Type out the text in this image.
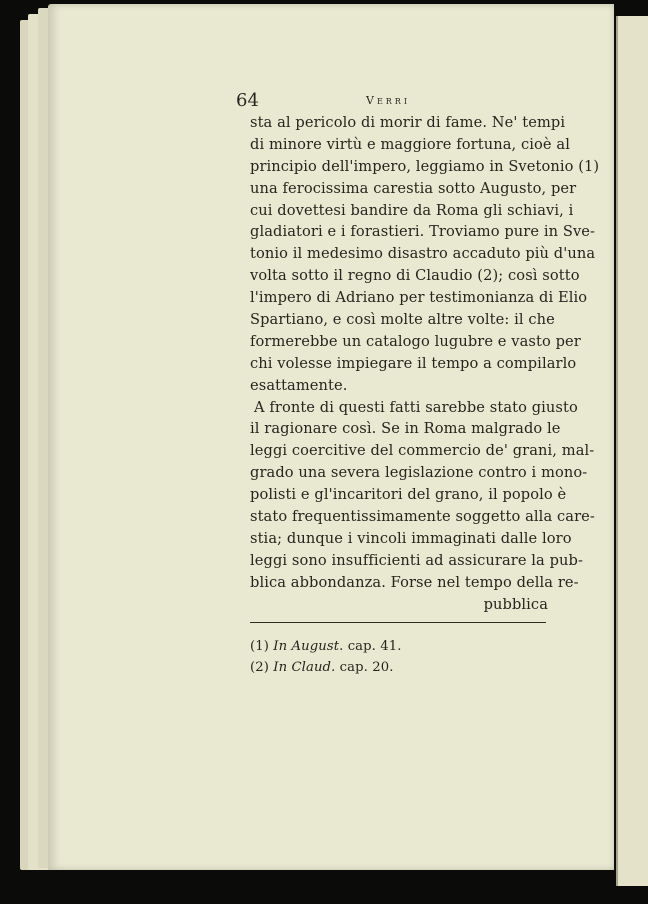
64	Verri
sta al pericolo di morir di fame. Ne' tempi
di minore virtù e maggiore fortuna, cioè al
principio dell'impero, leggiamo in Svetonio (1)
una ferocissima carestia sotto Augusto, per
cui dovettesi bandire da Roma gli schiavi, i
gladiatori e i forastieri. Troviamo pure in Sve-
tonio il medesimo disastro accaduto più d'una
volta sotto il regno di Claudio (2); così sotto
l'impero di Adriano per testimonianza di Elio
Spartiano, e così molte altre volte: il che
formerebbe un catalogo lugubre e vasto per
chi volesse impiegare il tempo a compilarlo
esattamente.
A fronte di questi fatti sarebbe stato giusto
il ragionare così. Se in Roma malgrado le
leggi coercitive del commercio de' grani, mal-
grado una severa legislazione contro i mono-
polisti e gl'incaritori del grano, il popolo è
stato frequentissimamente soggetto alla care-
stia; dunque i vincoli immaginati dalle loro
leggi sono insufficienti ad assicurare la pub-
blica abbondanza. Forse nel tempo della re-
pubblica
(1) In August. cap. 41.
(2) In Claud. cap. 20.
